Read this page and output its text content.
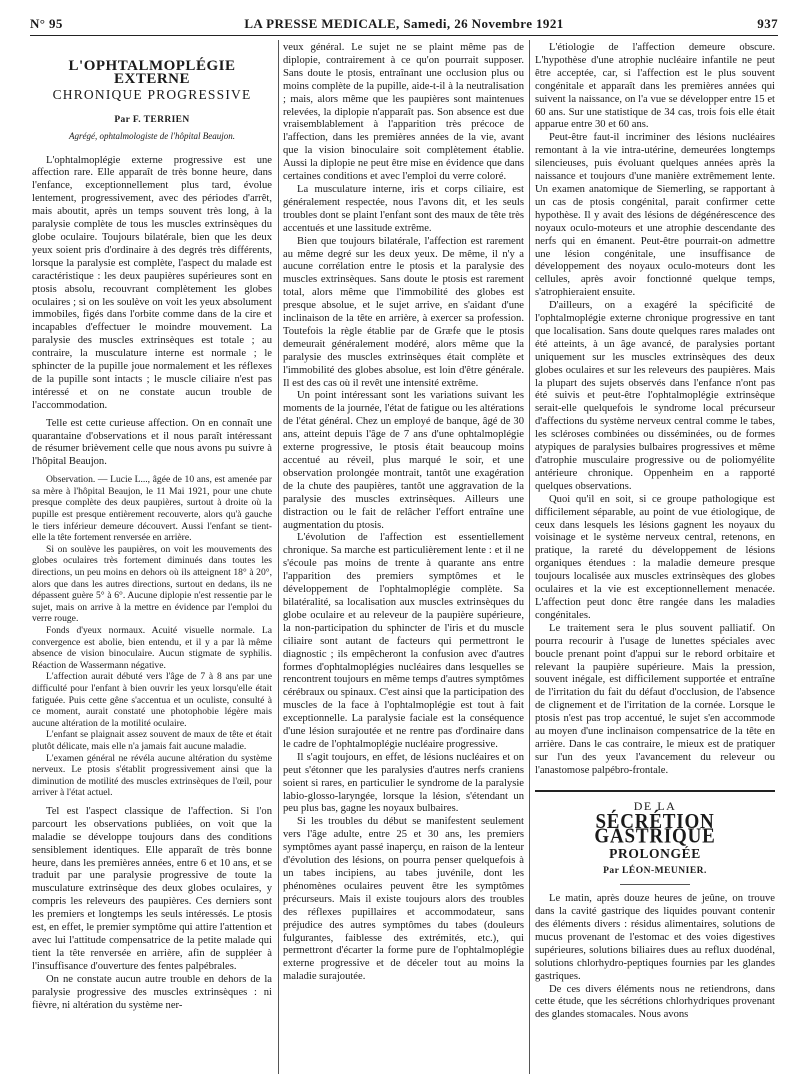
N° 95	LA PRESSE MEDICALE, Samedi, 26 Novembre 1921	937
L'OPHTALMOPLÉGIE EXTERNE
CHRONIQUE PROGRESSIVE
Par F. TERRIEN
Agrégé, ophtalmologiste de l'hôpital Beaujon.

L'ophtalmoplégie externe progressive est une affection rare. Elle apparaît de très bonne heure, dans l'enfance, exceptionnellement plus tard, évolue lentement, progressivement, avec des périodes d'arrêt, mais aboutit, après un temps souvent très long, à la paralysie complète de tous les muscles extrinsèques du globe oculaire. Toujours bilatérale, bien que les deux yeux soient pris d'ordinaire à des degrés très différents, lorsque la paralysie est complète, l'aspect du malade est caractéristique : les deux paupières supérieures sont en ptosis absolu, recouvrant complètement les globes oculaires ; si on les soulève on voit les yeux absolument immobiles, figés dans l'orbite comme dans de la cire et incapables d'effectuer le moindre mouvement. La paralysie des muscles extrinsèques est totale ; au contraire, la musculature interne est normale ; le sphincter de la pupille joue normalement et les réflexes de la pupille sont intacts ; le muscle ciliaire n'est pas intéressé et on ne constate aucun trouble de l'accommodation.

Telle est cette curieuse affection. On en connaît une quarantaine d'observations et il nous paraît intéressant de résumer brièvement celle que nous avons pu suivre à l'hôpital Beaujon.

Observation. — Lucie L..., âgée de 10 ans, est amenée par sa mère à l'hôpital Beaujon, le 11 Mai 1921, pour une chute presque complète des deux paupières, surtout à droite où la pupille est presque entièrement recouverte, alors qu'à gauche le tiers inférieur demeure découvert. Aussi l'enfant se tient-elle la tête fortement renversée en arrière.

Si on soulève les paupières, on voit les mouvements des globes oculaires très fortement diminués dans toutes les directions, un peu moins en dehors où ils atteignent 18° à 20°, alors que dans les autres directions, surtout en dedans, ils ne dépassent guère 5° à 6°. Aucune diplopie n'est ressentie par le sujet, mais on arrive à la mettre en évidence par l'emploi du verre rouge.

Fonds d'yeux normaux. Acuité visuelle normale. La convergence est abolie, bien entendu, et il y a par là même absence de vision binoculaire. Aucun stigmate de syphilis. Réaction de Wassermann négative.

L'affection aurait débuté vers l'âge de 7 à 8 ans par une difficulté pour l'enfant à bien ouvrir les yeux lorsqu'elle était fatiguée. Puis cette gêne s'accentua et un oculiste, consulté à ce moment, aurait constaté une photophobie légère mais aucune altération de la motilité oculaire.

L'enfant se plaignait assez souvent de maux de tête et était plutôt délicate, mais elle n'a jamais fait aucune maladie.

L'examen général ne révéla aucune altération du système nerveux. Le ptosis s'établit progressivement ainsi que la diminution de motilité des muscles extrinsèques de l'œil, pour arriver à l'état actuel.

Tel est l'aspect classique de l'affection. Si l'on parcourt les observations publiées, on voit que la maladie se développe toujours dans des conditions sensiblement identiques. Elle apparaît de très bonne heure, dans les premières années, entre 6 et 10 ans, et se traduit par une paralysie progressive de toute la musculature extrinsèque des deux globes oculaires, y compris les releveurs des paupières. Ces derniers sont les premiers et longtemps les seuls intéressés. Le ptosis est, en effet, le premier symptôme qui attire l'attention et avec lui l'attitude compensatrice de la petite malade qui tient la tête renversée en arrière, afin de suppléer à l'insuffisance d'ouverture des fentes palpébrales.

On ne constate aucun autre trouble en dehors de la paralysie progressive des muscles extrinsèques : ni fièvre, ni altération du système ner-

veux général. Le sujet ne se plaint même pas de diplopie, contrairement à ce qu'on pourrait supposer. Sans doute le ptosis, entraînant une occlusion plus ou moins complète de la pupille, aide-t-il à la neutralisation ; mais, alors même que les paupières sont maintenues relevées, la diplopie n'apparaît pas. Son absence est due vraisemblablement à l'apparition très précoce de l'affection, dans les premières années de la vie, avant que la vision binoculaire soit complètement établie. Aussi la diplopie ne peut être mise en évidence que dans certaines conditions et avec l'emploi du verre coloré.

La musculature interne, iris et corps ciliaire, est généralement respectée, nous l'avons dit, et les seuls troubles dont se plaint l'enfant sont des maux de tête très accentués et une lassitude extrême.

Bien que toujours bilatérale, l'affection est rarement au même degré sur les deux yeux. De même, il n'y a aucune corrélation entre le ptosis et la paralysie des muscles extrinsèques. Sans doute le ptosis est rarement total, alors même que l'immobilité des globes est presque absolue, et le sujet arrive, en s'aidant d'une inclinaison de la tête en arrière, à exercer sa profession. Toutefois la règle établie par de Græfe que le ptosis demeurait généralement modéré, alors même que la paralysie des muscles extrinsèques était complète et l'immobilité des globes absolue, est loin d'être générale. Il est des cas où il revêt une intensité extrême.

Un point intéressant sont les variations suivant les moments de la journée, l'état de fatigue ou les altérations de l'état général. Chez un employé de banque, âgé de 30 ans, atteint depuis l'âge de 7 ans d'une ophtalmoplégie externe progressive, le ptosis était beaucoup moins accentué au réveil, plus marqué le soir, et une observation prolongée montrait, tantôt une exagération de la chute des paupières, tantôt une aggravation de la paralysie des muscles extrinsèques. Ailleurs une distraction ou le fait de relâcher l'effort entraîne une augmentation du ptosis.

L'évolution de l'affection est essentiellement chronique. Sa marche est particulièrement lente : et il ne s'écoule pas moins de trente à quarante ans entre l'apparition des premiers symptômes et le développement de l'ophtalmoplégie complète. Sa bilatéralité, sa localisation aux muscles extrinsèques du globe oculaire et au releveur de la paupière supérieure, la non-participation du sphincter de l'iris et du muscle ciliaire sont autant de facteurs qui permettront le diagnostic ; ils empêcheront la confusion avec d'autres formes d'ophtalmoplégies nucléaires dans lesquelles se rencontrent toujours en même temps d'autres symptômes cérébraux ou spinaux. C'est ainsi que la participation des muscles de la face à l'ophtalmoplégie est tout à fait exceptionnelle. La paralysie faciale est la conséquence d'une lésion surajoutée et ne rentre pas d'ordinaire dans le cadre de l'ophtalmoplégie nucléaire progressive.

Il s'agit toujours, en effet, de lésions nucléaires et on peut s'étonner que les paralysies d'autres nerfs craniens soient si rares, en particulier le syndrome de la paralysie labio-glosso-laryngée, lorsque la lésion, s'étendant un peu plus bas, gagne les noyaux bulbaires.

Si les troubles du début se manifestent seulement vers l'âge adulte, entre 25 et 30 ans, les premiers symptômes ayant passé inaperçu, en raison de la lenteur d'évolution des lésions, on pourra penser quelquefois à un tabes incipiens, au tabes juvénile, dont les phénomènes oculaires peuvent être les symptômes précurseurs. Mais il existe toujours alors des troubles des réflexes pupillaires et accommodateur, sans préjudice des autres symptômes du tabes (douleurs fulgurantes, faiblesse des extrémités, etc.), qui permettront d'écarter la forme pure de l'ophtalmoplégie externe progressive et de déceler tout au moins la maladie surajoutée.

L'étiologie de l'affection demeure obscure. L'hypothèse d'une atrophie nucléaire infantile ne peut être acceptée, car, si l'affection est le plus souvent congénitale et apparaît dans les premières années qui suivent la naissance, on l'a vue se développer entre 15 et 60 ans. Sur une statistique de 34 cas, trois fois elle était apparue entre 30 et 60 ans.

Peut-être faut-il incriminer des lésions nucléaires remontant à la vie intra-utérine, demeurées longtemps silencieuses, puis évoluant quelques années après la naissance et toujours d'une manière extrêmement lente. Un examen anatomique de Siemerling, se rapportant à un cas de ptosis congénital, parait confirmer cette hypothèse. Il y avait des lésions de dégénérescence des noyaux oculo-moteurs et une atrophie descendante des nerfs qui en émanent. Peut-être pourrait-on admettre une lésion congénitale, une insuffisance de développement des noyaux oculo-moteurs dont les cellules, après avoir fonctionné quelque temps, s'atrophieraient ensuite.

D'ailleurs, on a exagéré la spécificité de l'ophtalmoplégie externe chronique progressive en tant que localisation. Sans doute quelques rares malades ont été atteints, à un âge avancé, de paralysies portant uniquement sur les muscles extrinsèques des deux globes oculaires et sur les releveurs des paupières. Mais la plupart des sujets observés dans l'enfance n'ont pas été suivis et peut-être l'ophtalmoplégie extrinsèque serait-elle quelquefois le syndrome local précurseur d'affections du système nerveux central comme le tabes, les scléroses combinées ou disséminées, ou de formes atypiques de paralysies bulbaires progressives et même d'atrophie musculaire progressive ou de poliomyélite antérieure chronique. Oppenheim en a rapporté quelques observations.

Quoi qu'il en soit, si ce groupe pathologique est difficilement séparable, au point de vue étiologique, de ceux dans lesquels les lésions gagnent les noyaux du voisinage et le système nerveux central, retenons, en pratique, la rareté du développement de lésions organiques étendues : la maladie demeure presque toujours localisée aux muscles extrinsèques des globes oculaires et la vie est exceptionnellement menacée. L'affection peut donc être rangée dans les maladies congénitales.

Le traitement sera le plus souvent palliatif. On pourra recourir à l'usage de lunettes spéciales avec boucle prenant point d'appui sur le rebord orbitaire et relevant la paupière supérieure. Mais la pression, souvent inégale, est difficilement supportée et entraîne de l'irritation du fait du défaut d'occlusion, de l'absence de clignement et de l'irritation de la cornée. Lorsque le ptosis n'est pas trop accentué, le sujet s'en accommode au moyen d'une inclinaison compensatrice de la tête en arrière. Dans le cas contraire, le mieux est de pratiquer sur l'un des yeux l'avancement du releveur ou l'anastomose palpébro-frontale.

DE LA
SÉCRÉTION GASTRIQUE
PROLONGÉE
Par LÉON-MEUNIER.

Le matin, après douze heures de jeûne, on trouve dans la cavité gastrique des liquides pouvant contenir des éléments divers : résidus alimentaires, solutions de mucus provenant de l'estomac et des voies digestives supérieures, solutions biliaires dues au reflux duodénal, solutions chlorhydro-peptiques fournies par les glandes gastriques.

De ces divers éléments nous ne retiendrons, dans cette étude, que les sécrétions chlorhydriques provenant des glandes stomacales. Nous avons
